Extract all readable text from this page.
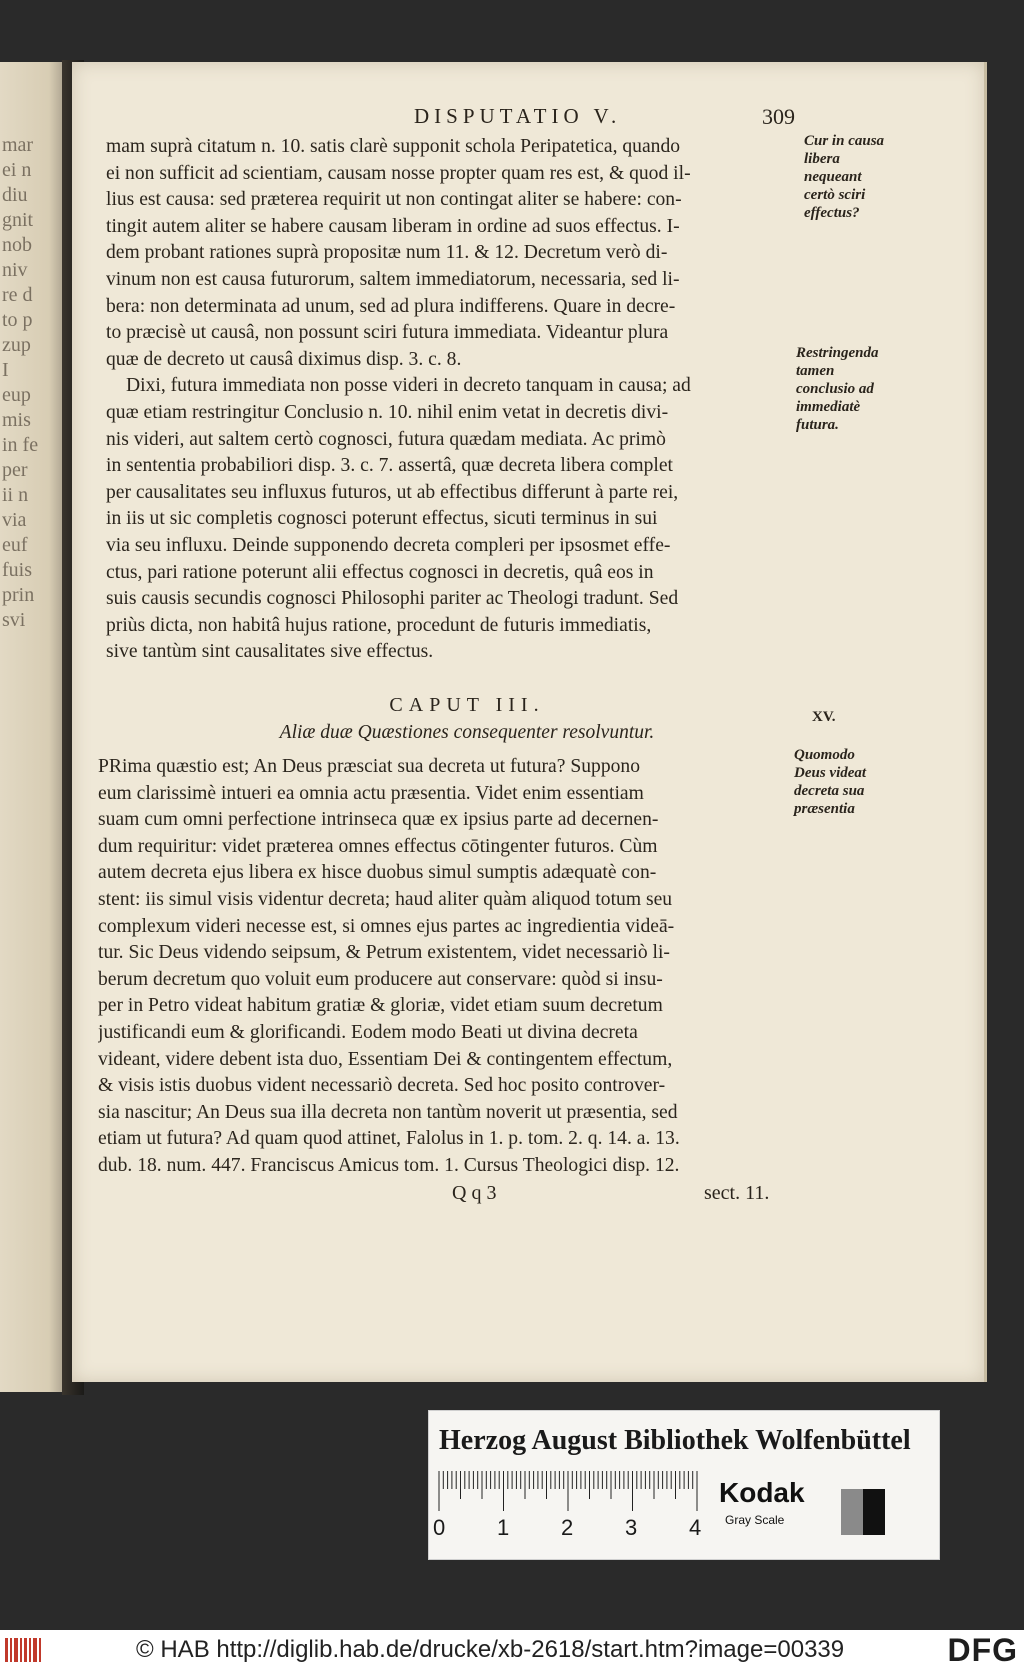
mar
ei n
diu
gnit
nob
niv
re d
to p
zup
I
eup
mis
in fe
per
ii n
via
euf
fuis
prin
svi
DISPUTATIO V.	309
mam suprà citatum n. 10. satis clarè supponit schola Peripatetica, quando
ei non sufficit ad scientiam, causam nosse propter quam res est, & quod il-
lius est causa: sed præterea requirit ut non contingat aliter se habere: con-
tingit autem aliter se habere causam liberam in ordine ad suos effectus. I-
dem probant rationes suprà propositæ num 11. & 12. Decretum verò di-
vinum non est causa futurorum, saltem immediatorum, necessaria, sed li-
bera: non determinata ad unum, sed ad plura indifferens. Quare in decre-
to præcisè ut causâ, non possunt sciri futura immediata. Videantur plura
quæ de decreto ut causâ diximus disp. 3. c. 8.
Dixi, futura immediata non posse videri in decreto tanquam in causa; ad
quæ etiam restringitur Conclusio n. 10. nihil enim vetat in decretis divi-
nis videri, aut saltem certò cognosci, futura quædam mediata. Ac primò
in sententia probabiliori disp. 3. c. 7. assertâ, quæ decreta libera complet
per causalitates seu influxus futuros, ut ab effectibus differunt à parte rei,
in iis ut sic completis cognosci poterunt effectus, sicuti terminus in sui
via seu influxu. Deinde supponendo decreta compleri per ipsosmet effe-
ctus, pari ratione poterunt alii effectus cognosci in decretis, quâ eos in
suis causis secundis cognosci Philosophi pariter ac Theologi tradunt. Sed
priùs dicta, non habitâ hujus ratione, procedunt de futuris immediatis,
sive tantùm sint causalitates sive effectus.
CAPUT III.
Aliæ duæ Quæstiones consequenter resolvuntur.
PRima quæstio est; An Deus præsciat sua decreta ut futura? Suppono
eum clarissimè intueri ea omnia actu præsentia. Videt enim essentiam
suam cum omni perfectione intrinseca quæ ex ipsius parte ad decernen-
dum requiritur: videt præterea omnes effectus cōtingenter futuros. Cùm
autem decreta ejus libera ex hisce duobus simul sumptis adæquatè con-
stent: iis simul visis videntur decreta; haud aliter quàm aliquod totum seu
complexum videri necesse est, si omnes ejus partes ac ingredientia videā-
tur. Sic Deus videndo seipsum, & Petrum existentem, videt necessariò li-
berum decretum quo voluit eum producere aut conservare: quòd si insu-
per in Petro videat habitum gratiæ & gloriæ, videt etiam suum decretum
justificandi eum & glorificandi. Eodem modo Beati ut divina decreta
videant, videre debent ista duo, Essentiam Dei & contingentem effectum,
& visis istis duobus vident necessariò decreta. Sed hoc posito controver-
sia nascitur; An Deus sua illa decreta non tantùm noverit ut præsentia, sed
etiam ut futura? Ad quam quod attinet, Falolus in 1. p. tom. 2. q. 14. a. 13.
dub. 18. num. 447. Franciscus Amicus tom. 1. Cursus Theologici disp. 12.
Cur in causa libera nequeant certò sciri effectus?
Restringenda tamen conclusio ad immediatè futura.
XV.
Quomodo Deus videat decreta sua præsentia
Q q 3	sect. 11.
Herzog August Bibliothek Wolfenbüttel
0 1 2 3 4
Kodak
Gray Scale
© HAB http://diglib.hab.de/drucke/xb-2618/start.htm?image=00339	DFG
